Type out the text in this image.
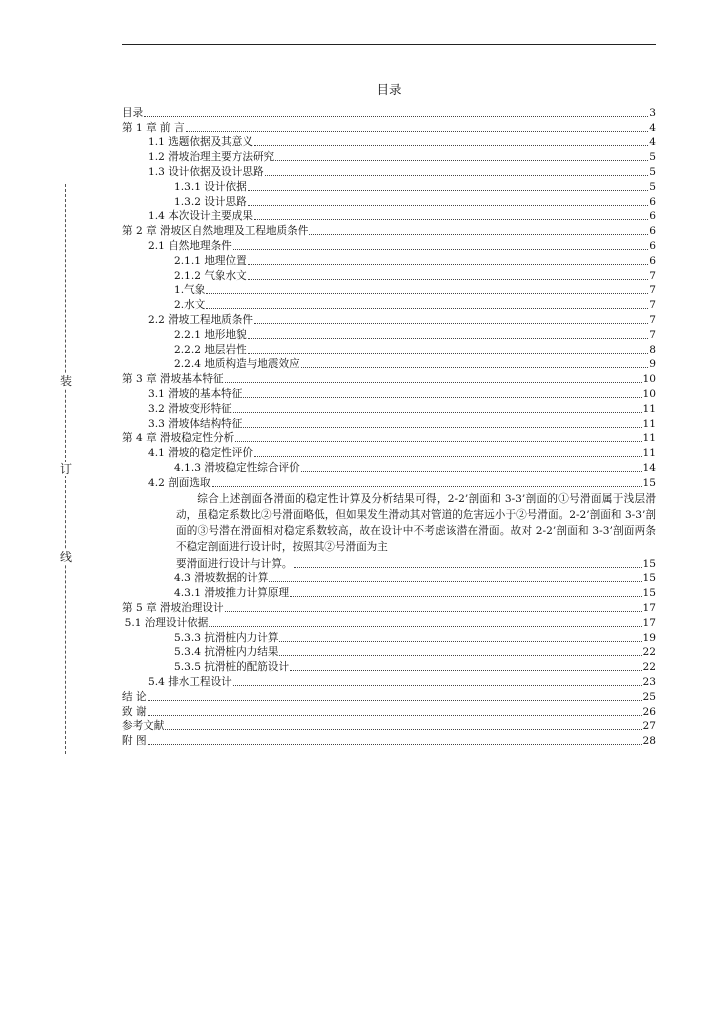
装
订
线
目录
目录	3
第 1 章 前 言	4
1.1 选题依据及其意义	4
1.2 滑坡治理主要方法研究	5
1.3 设计依据及设计思路	5
1.3.1 设计依据	5
1.3.2 设计思路	6
1.4 本次设计主要成果	6
第 2 章 滑坡区自然地理及工程地质条件	6
2.1 自然地理条件	6
2.1.1 地理位置	6
2.1.2 气象水文	7
1.气象	7
2.水文	7
2.2 滑坡工程地质条件	7
2.2.1 地形地貌	7
2.2.2 地层岩性	8
2.2.4 地质构造与地震效应	9
第 3 章 滑坡基本特征	10
3.1 滑坡的基本特征	10
3.2 滑坡变形特征	11
3.3 滑坡体结构特征	11
第 4 章 滑坡稳定性分析	11
4.1 滑坡的稳定性评价	11
4.1.3 滑坡稳定性综合评价	14
4.2 剖面选取	15
综合上述剖面各滑面的稳定性计算及分析结果可得，2-2’剖面和 3-3’剖面的①号滑面属于浅层滑动，虽稳定系数比②号滑面略低，但如果发生滑动其对管道的危害远小于②号滑面。2-2’剖面和 3-3’剖面的③号潜在滑面相对稳定系数较高，故在设计中不考虑该潜在滑面。故对 2-2’剖面和 3-3’剖面两条不稳定剖面进行设计时，按照其②号滑面为主
要滑面进行设计与计算。	15
4.3 滑坡数据的计算	15
4.3.1 滑坡推力计算原理	15
第 5 章 滑坡治理设计	17
5.1 治理设计依据	17
5.3.3 抗滑桩内力计算	19
5.3.4 抗滑桩内力结果	22
5.3.5 抗滑桩的配筋设计	22
5.4 排水工程设计	23
结 论	25
致 谢	26
参考文献	27
附 图	28
